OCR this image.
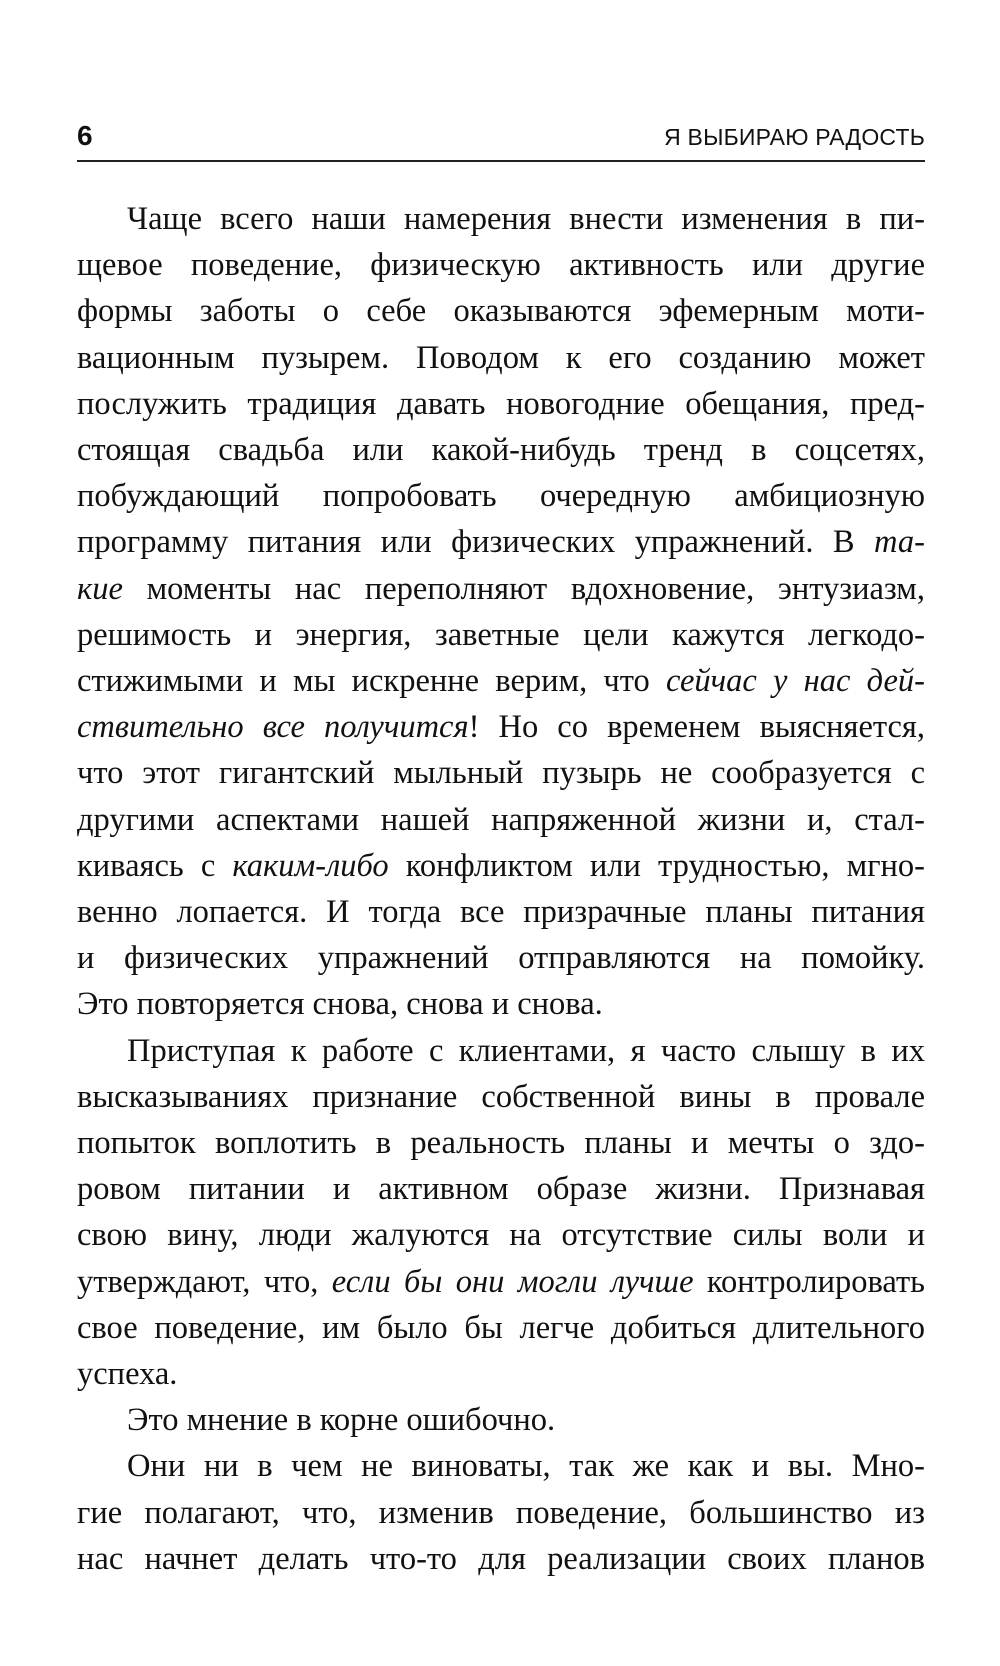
6	Я ВЫБИРАЮ РАДОСТЬ
Чаще всего наши намерения внести изменения в пи-
щевое поведение, физическую активность или другие
формы заботы о себе оказываются эфемерным моти-
вационным пузырем. Поводом к его созданию может
послужить традиция давать новогодние обещания, пред-
стоящая свадьба или какой-нибудь тренд в соцсетях,
побуждающий попробовать очередную амбициозную
программу питания или физических упражнений. В та-
кие моменты нас переполняют вдохновение, энтузиазм,
решимость и энергия, заветные цели кажутся легкодо-
стижимыми и мы искренне верим, что сейчас у нас дей-
ствительно все получится! Но со временем выясняется,
что этот гигантский мыльный пузырь не сообразуется с
другими аспектами нашей напряженной жизни и, стал-
киваясь с каким-либо конфликтом или трудностью, мгно-
венно лопается. И тогда все призрачные планы питания
и физических упражнений отправляются на помойку.
Это повторяется снова, снова и снова.
Приступая к работе с клиентами, я часто слышу в их
высказываниях признание собственной вины в провале
попыток воплотить в реальность планы и мечты о здо-
ровом питании и активном образе жизни. Признавая
свою вину, люди жалуются на отсутствие силы воли и
утверждают, что, если бы они могли лучше контролировать
свое поведение, им было бы легче добиться длительного
успеха.
Это мнение в корне ошибочно.
Они ни в чем не виноваты, так же как и вы. Мно-
гие полагают, что, изменив поведение, большинство из
нас начнет делать что-то для реализации своих планов
